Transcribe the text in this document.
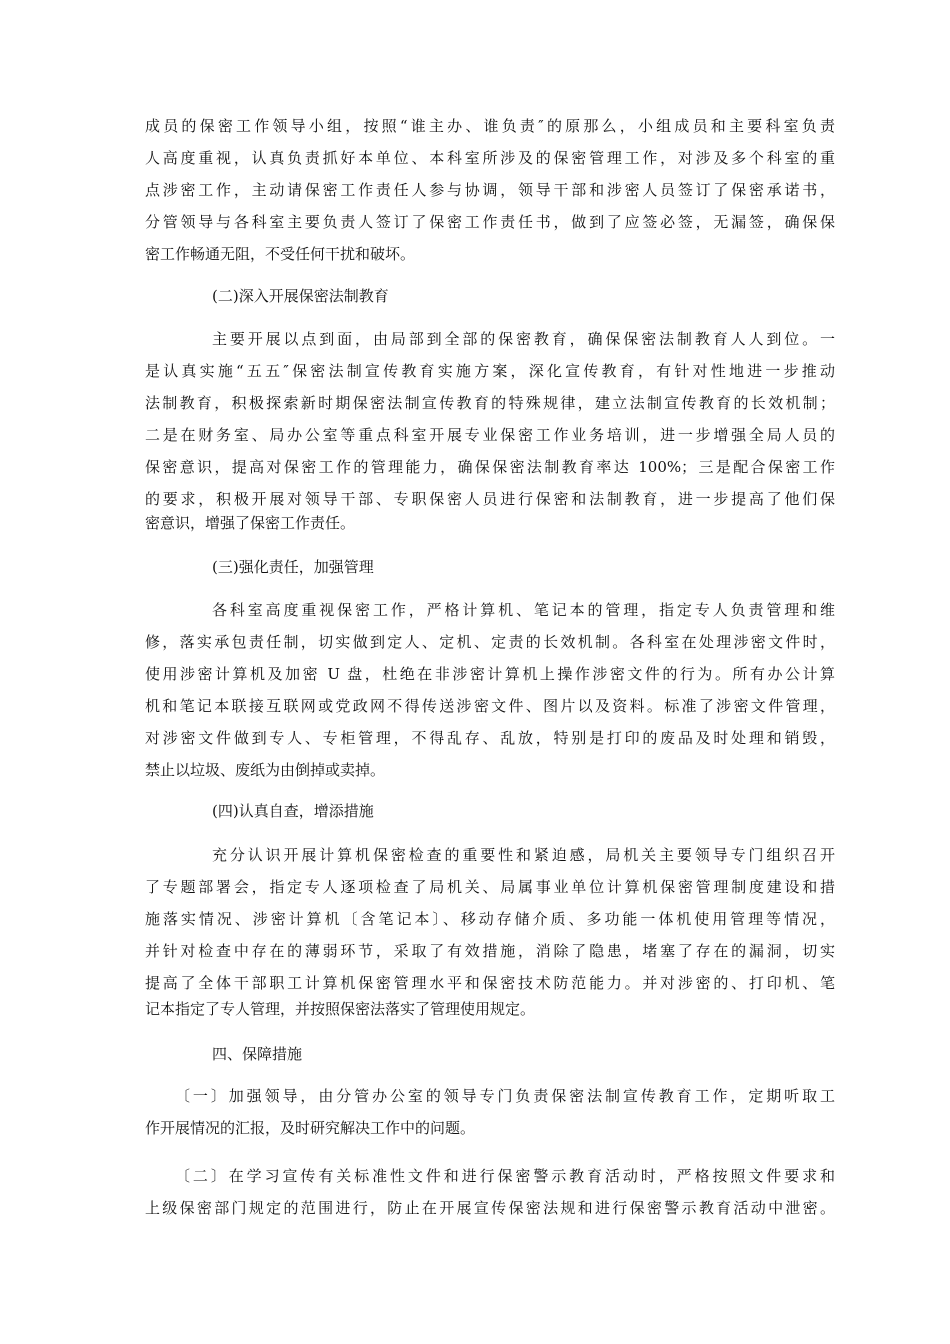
成员的保密工作领导小组，按照“谁主办、谁负责″的原那么，小组成员和主要科室负责
人高度重视，认真负责抓好本单位、本科室所涉及的保密管理工作，对涉及多个科室的重
点涉密工作，主动请保密工作责任人参与协调，领导干部和涉密人员签订了保密承诺书，
分管领导与各科室主要负责人签订了保密工作责任书，做到了应签必签，无漏签，确保保
密工作畅通无阻，不受任何干扰和破坏。
(二)深入开展保密法制教育
主要开展以点到面，由局部到全部的保密教育，确保保密法制教育人人到位。一
是认真实施“五五″保密法制宣传教育实施方案，深化宣传教育，有针对性地进一步推动
法制教育，积极探索新时期保密法制宣传教育的特殊规律，建立法制宣传教育的长效机制；
二是在财务室、局办公室等重点科室开展专业保密工作业务培训，进一步增强全局人员的
保密意识，提高对保密工作的管理能力，确保保密法制教育率达 100%；三是配合保密工作
的要求，积极开展对领导干部、专职保密人员进行保密和法制教育，进一步提高了他们保
密意识，增强了保密工作责任。
(三)强化责任，加强管理
各科室高度重视保密工作，严格计算机、笔记本的管理，指定专人负责管理和维
修，落实承包责任制，切实做到定人、定机、定责的长效机制。各科室在处理涉密文件时，
使用涉密计算机及加密 U 盘，杜绝在非涉密计算机上操作涉密文件的行为。所有办公计算
机和笔记本联接互联网或党政网不得传送涉密文件、图片以及资料。标准了涉密文件管理，
对涉密文件做到专人、专柜管理，不得乱存、乱放，特别是打印的废品及时处理和销毁，
禁止以垃圾、废纸为由倒掉或卖掉。
(四)认真自查，增添措施
充分认识开展计算机保密检查的重要性和紧迫感，局机关主要领导专门组织召开
了专题部署会，指定专人逐项检查了局机关、局属事业单位计算机保密管理制度建设和措
施落实情况、涉密计算机〔含笔记本〕、移动存储介质、多功能一体机使用管理等情况，
并针对检查中存在的薄弱环节，采取了有效措施，消除了隐患，堵塞了存在的漏洞，切实
提高了全体干部职工计算机保密管理水平和保密技术防范能力。并对涉密的、打印机、笔
记本指定了专人管理，并按照保密法落实了管理使用规定。
四、保障措施
〔一〕加强领导，由分管办公室的领导专门负责保密法制宣传教育工作，定期听取工
作开展情况的汇报，及时研究解决工作中的问题。
〔二〕在学习宣传有关标准性文件和进行保密警示教育活动时，严格按照文件要求和
上级保密部门规定的范围进行，防止在开展宣传保密法规和进行保密警示教育活动中泄密。
